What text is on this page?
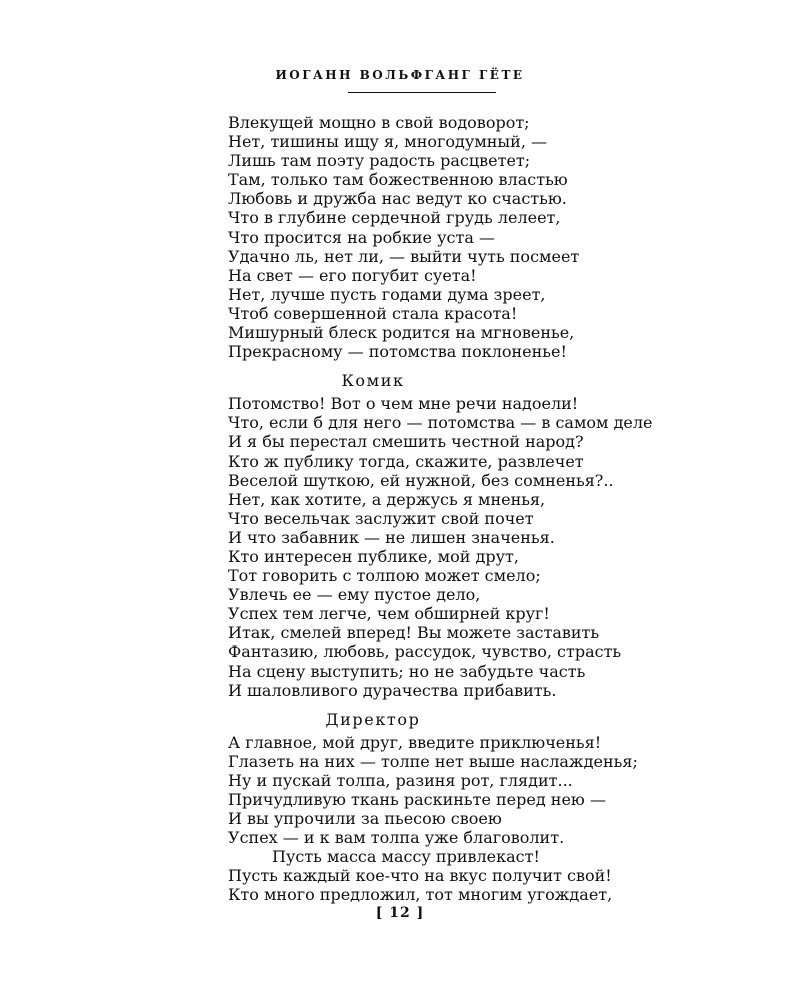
ИОГАНН ВОЛЬФГАНГ ГЁТЕ
Влекущей мощно в свой водоворот;
Нет, тишины ищу я, многодумный, —
Лишь там поэту радость расцветет;
Там, только там божественною властью
Любовь и дружба нас ведут ко счастью.
Что в глубине сердечной грудь лелеет,
Что просится на робкие уста —
Удачно ль, нет ли, — выйти чуть посмеет
На свет — его погубит суета!
Нет, лучше пусть годами дума зреет,
Чтоб совершенной стала красота!
Мишурный блеск родится на мгновенье,
Прекрасному — потомства поклоненье!
Комик
Потомство! Вот о чем мне речи надоели!
Что, если б для него — потомства — в самом деле
И я бы перестал смешить честной народ?
Кто ж публику тогда, скажите, развлечет
Веселой шуткою, ей нужной, без сомненья?..
Нет, как хотите, а держусь я мненья,
Что весельчак заслужит свой почет
И что забавник — не лишен значенья.
Кто интересен публике, мой друт,
Тот говорить с толпою может смело;
Увлечь ее — ему пустое дело,
Успех тем легче, чем обширней круг!
Итак, смелей вперед! Вы можете заставить
Фантазию, любовь, рассудок, чувство, страсть
На сцену выступить; но не забудьте часть
И шаловливого дурачества прибавить.
Директор
А главное, мой друг, введите приключенья!
Глазеть на них — толпе нет выше наслажденья;
Ну и пускай толпа, разиня рот, глядит...
Причудливую ткань раскиньте перед нею —
И вы упрочили за пьесою своею
Успех — и к вам толпа уже благоволит.
Пусть масса массу привлекаст!
Пусть каждый кое-что на вкус получит свой!
Кто много предложил, тот многим угождает,
[ 12 ]
